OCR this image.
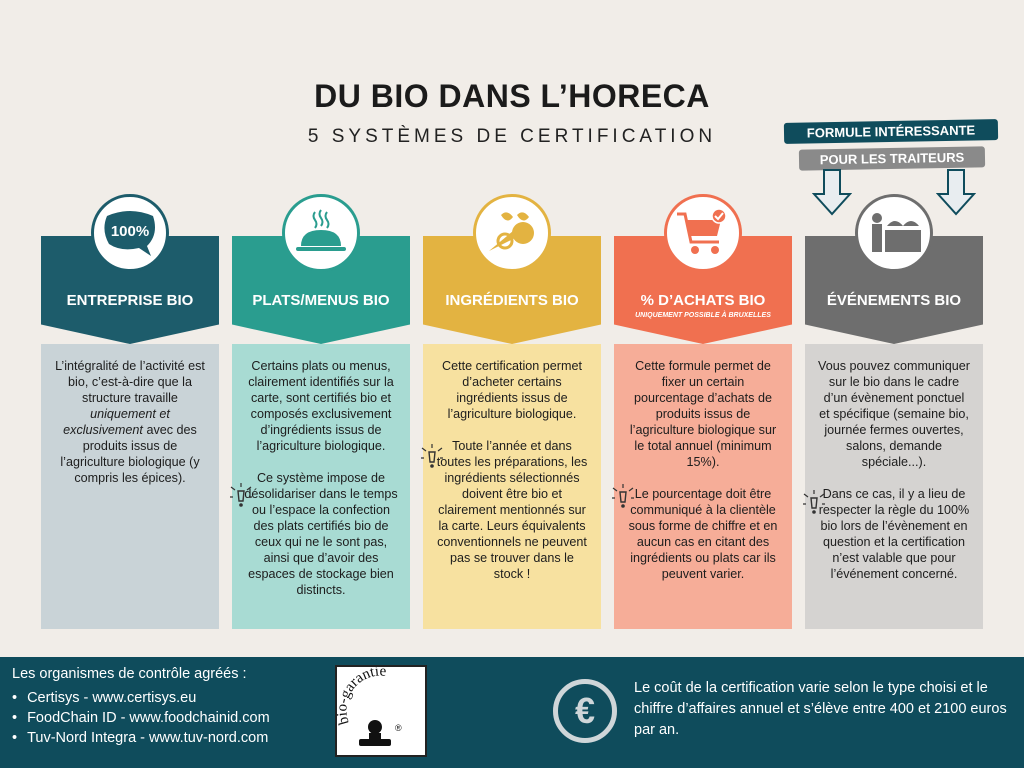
DU BIO DANS L’HORECA
5 SYSTÈMES DE CERTIFICATION	FORMULE INTÉRESSANTE
POUR LES TRAITEURS
L’intégralité de l’activité est bio, c’est-à-dire que la structure travaille uniquement et exclusivement avec des produits issus de l’agriculture biologique (y compris les épices).
ENTREPRISE BIO
100%

Certains plats ou menus, clairement identifiés sur la carte, sont certifiés bio et composés exclusivement d’ingrédients issus de l’agriculture biologique.

Ce système impose de désolidariser dans le temps ou l’espace la confection des plats certifiés bio de ceux qui ne le sont pas, ainsi que d’avoir des espaces de stockage bien distincts.

PLATS/MENUS BIO

Cette certification permet d’acheter certains ingrédients issus de l’agriculture biologique.

Toute l’année et dans toutes les préparations, les ingrédients sélectionnés doivent être bio et clairement mentionnés sur la carte. Leurs équivalents conventionnels ne peuvent pas se trouver dans le stock !

INGRÉDIENTS BIO

Cette formule permet de fixer un certain pourcentage d’achats de produits issus de l’agriculture biologique sur le total annuel (minimum 15%).

Le pourcentage doit être communiqué à la clientèle sous forme de chiffre et en aucun cas en citant des ingrédients ou plats car ils peuvent varier.

% D’ACHATS BIO
UNIQUEMENT POSSIBLE À BRUXELLES

Vous pouvez communiquer sur le bio dans le cadre d’un évènement ponctuel et spécifique (semaine bio, journée fermes ouvertes, salons, demande spéciale...).

Dans ce cas, il y a lieu de respecter la règle du 100% bio lors de l’évènement en question et la certification n’est valable que pour l’événement concerné.

ÉVÉNEMENTS BIO
Les organismes de contrôle agréés :
• Certisys - www.certisys.eu
• FoodChain ID - www.foodchainid.com
• Tuv-Nord Integra - www.tuv-nord.com
garantie
®	€
Le coût de la certification varie selon le type choisi et le chiffre d’affaires annuel et s’élève entre 400 et 2100 euros par an.
